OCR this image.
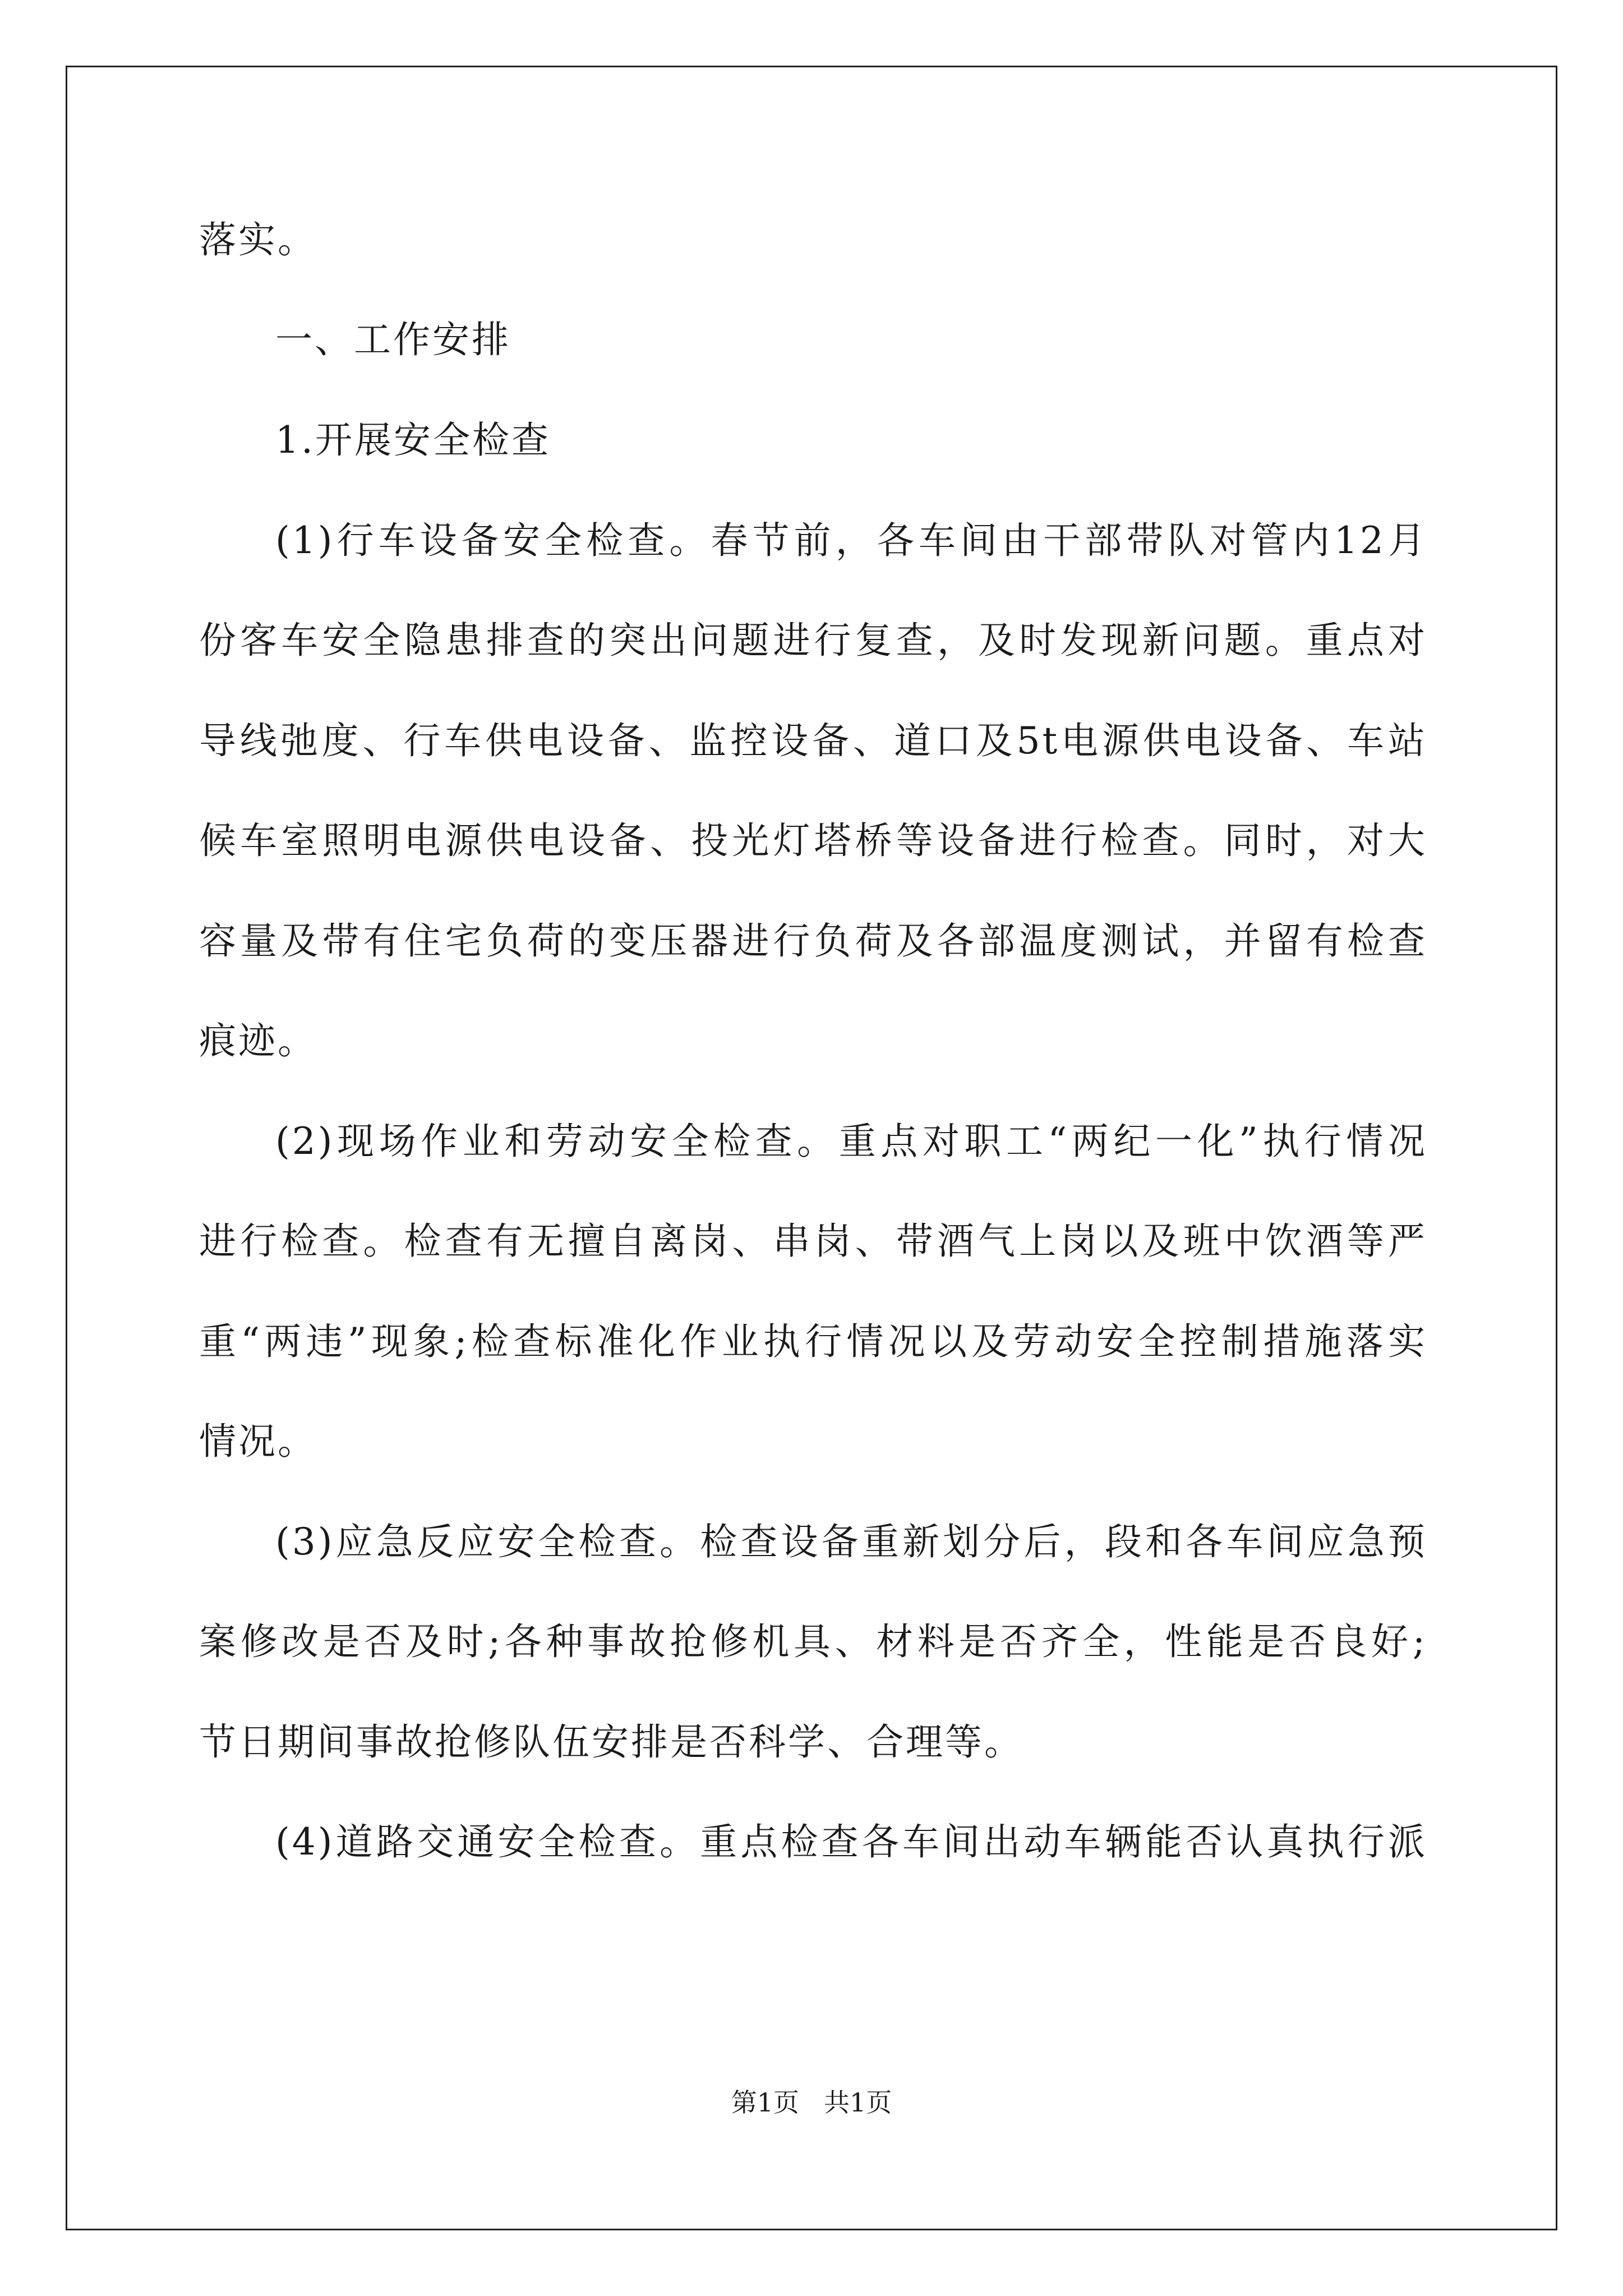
落实。
一、工作安排
1.开展安全检查
(1)行车设备安全检查。春节前，各车间由干部带队对管内12月
份客车安全隐患排查的突出问题进行复查，及时发现新问题。重点对
导线弛度、行车供电设备、监控设备、道口及5t电源供电设备、车站
候车室照明电源供电设备、投光灯塔桥等设备进行检查。同时，对大
容量及带有住宅负荷的变压器进行负荷及各部温度测试，并留有检查
痕迹。
(2)现场作业和劳动安全检查。重点对职工“两纪一化”执行情况
进行检查。检查有无擅自离岗、串岗、带酒气上岗以及班中饮酒等严
重“两违”现象;检查标准化作业执行情况以及劳动安全控制措施落实
情况。
(3)应急反应安全检查。检查设备重新划分后，段和各车间应急预
案修改是否及时;各种事故抢修机具、材料是否齐全，性能是否良好;
节日期间事故抢修队伍安排是否科学、合理等。
(4)道路交通安全检查。重点检查各车间出动车辆能否认真执行派
第1页 共1页
